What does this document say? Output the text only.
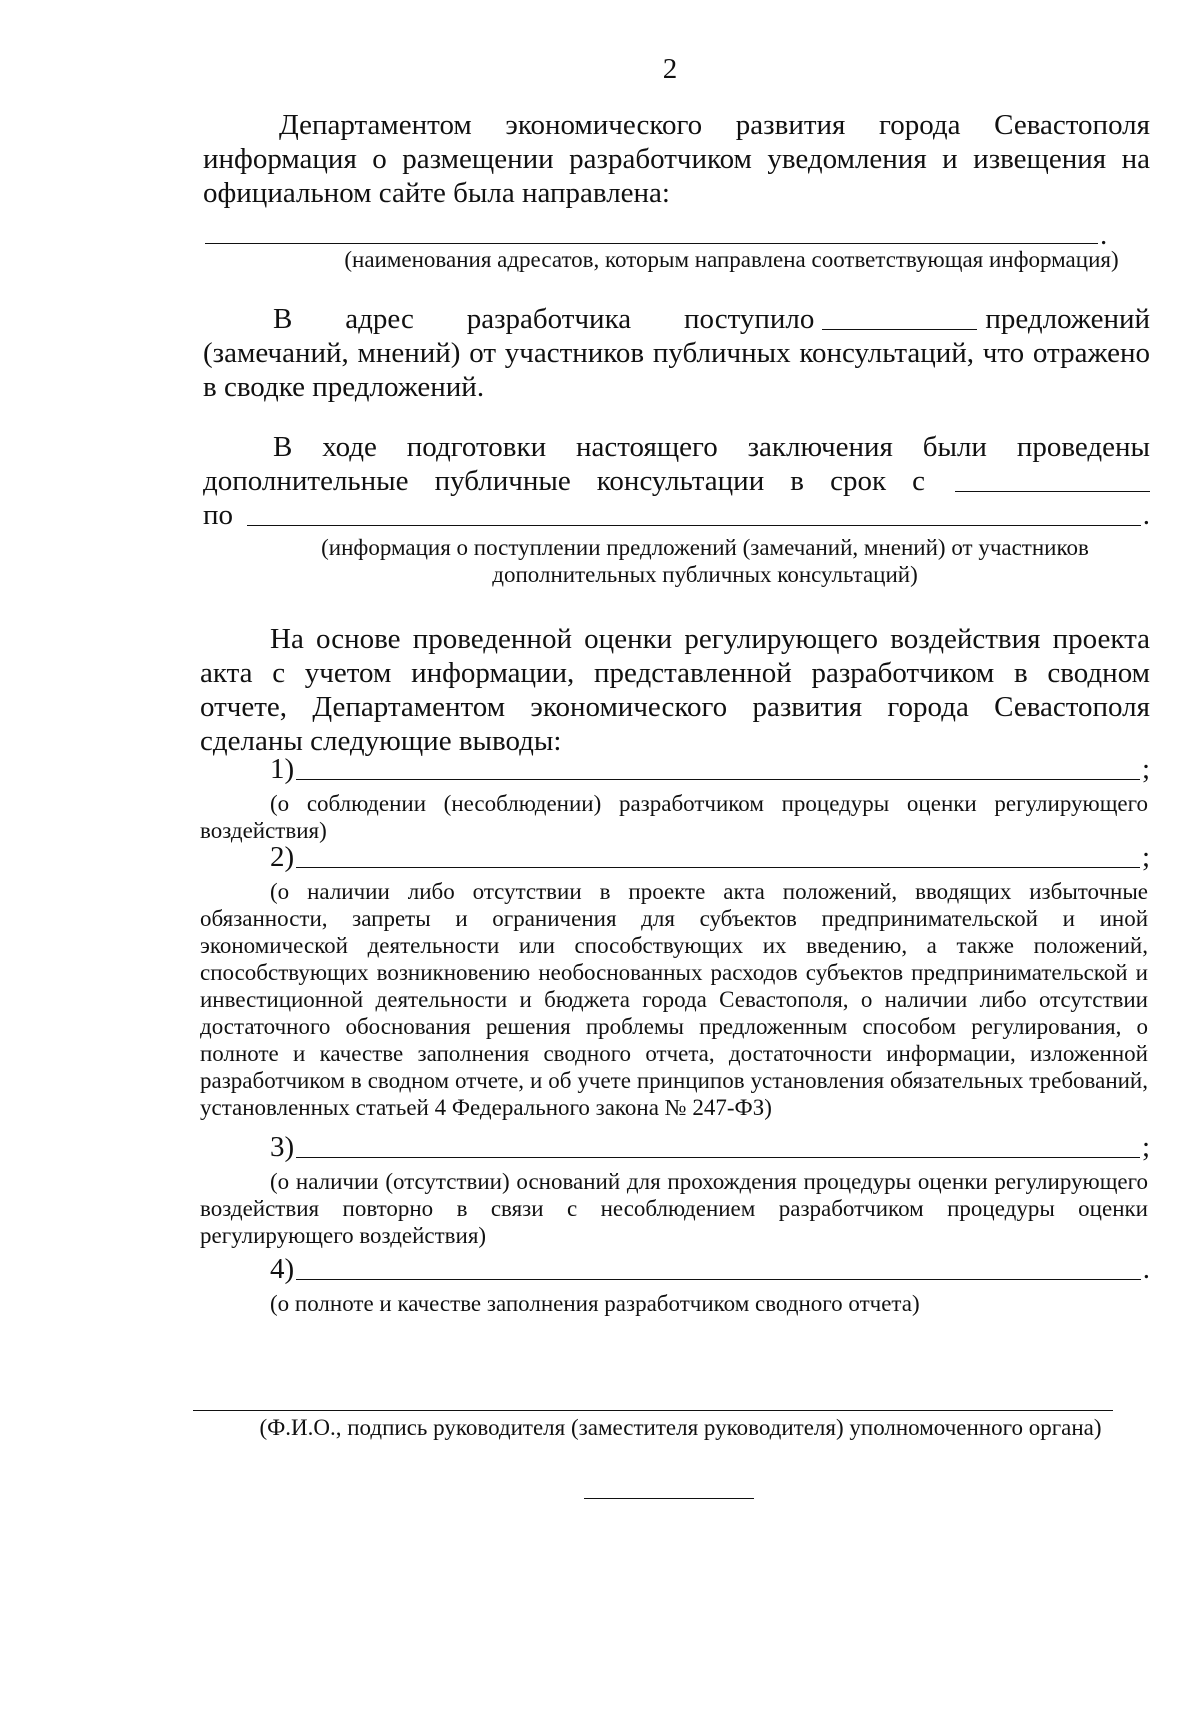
2

Департаментом экономического развития города Севастополя информация о размещении разработчиком уведомления и извещения на официальном сайте была направлена:

.
(наименования адресатов, которым направлена соответствующая информация)
В адрес разработчика поступило	предложений

(замечаний, мнений) от участников публичных консультаций, что отражено в сводке предложений.

В ходе подготовки настоящего заключения были проведены

дополнительные публичные консультации в срок с
по	.
(информация о поступлении предложений (замечаний, мнений) от участников дополнительных публичных консультаций)

На основе проведенной оценки регулирующего воздействия проекта акта с учетом информации, представленной разработчиком в сводном отчете, Департаментом экономического развития города Севастополя сделаны следующие выводы:

1)	;

(о соблюдении (несоблюдении) разработчиком процедуры оценки регулирующего воздействия)

2)	;

(о наличии либо отсутствии в проекте акта положений, вводящих избыточные обязанности, запреты и ограничения для субъектов предпринимательской и иной экономической деятельности или способствующих их введению, а также положений, способствующих возникновению необоснованных расходов субъектов предпринимательской и инвестиционной деятельности и бюджета города Севастополя, о наличии либо отсутствии достаточного обоснования решения проблемы предложенным способом регулирования, о полноте и качестве заполнения сводного отчета, достаточности информации, изложенной разработчиком в сводном отчете, и об учете принципов установления обязательных требований, установленных статьей 4 Федерального закона № 247-ФЗ)

3)	;

(о наличии (отсутствии) оснований для прохождения процедуры оценки регулирующего воздействия повторно в связи с несоблюдением разработчиком процедуры оценки регулирующего воздействия)

4)	.

(о полноте и качестве заполнения разработчиком сводного отчета)

(Ф.И.О., подпись руководителя (заместителя руководителя) уполномоченного органа)
